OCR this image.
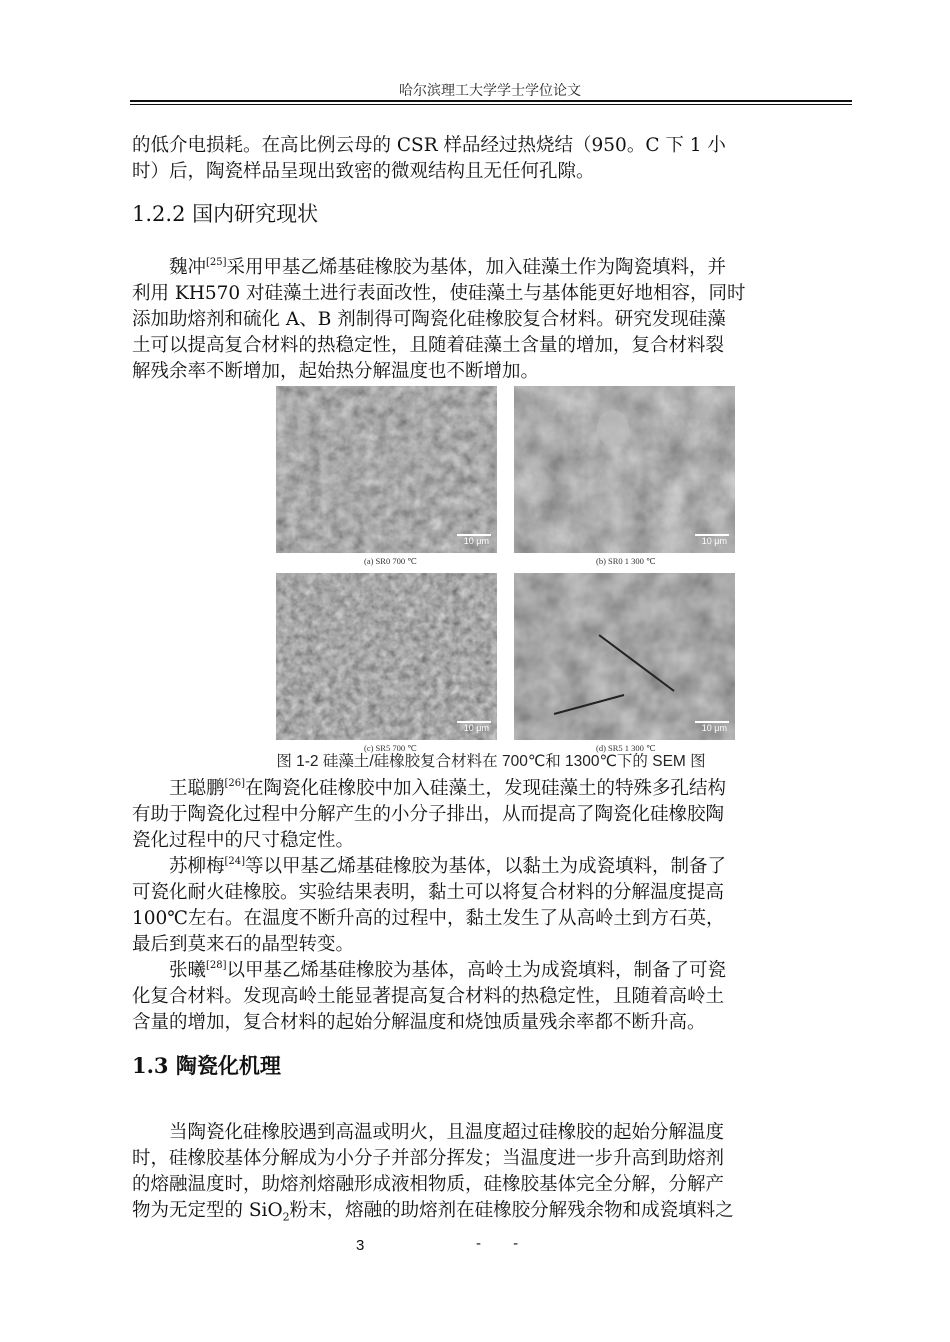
哈尔滨理工大学学士学位论文
的低介电损耗。在高比例云母的 CSR 样品经过热烧结（950。C 下 1 小
时）后，陶瓷样品呈现出致密的微观结构且无任何孔隙。
1.2.2 国内研究现状
魏冲[25]采用甲基乙烯基硅橡胶为基体，加入硅藻土作为陶瓷填料，并
利用 KH570 对硅藻土进行表面改性，使硅藻土与基体能更好地相容，同时
添加助熔剂和硫化 A、B 剂制得可陶瓷化硅橡胶复合材料。研究发现硅藻
土可以提高复合材料的热稳定性，且随着硅藻土含量的增加，复合材料裂
解残余率不断增加，起始热分解温度也不断增加。
10 μm
(a) SR0 700 ℃
10 μm
(b) SR0 1 300 ℃
10 μm
(c) SR5 700 ℃
10 μm
(d) SR5 1 300 ℃
图 1-2 硅藻土/硅橡胶复合材料在 700℃和 1300℃下的 SEM 图
王聪鹏[26]在陶瓷化硅橡胶中加入硅藻土，发现硅藻土的特殊多孔结构
有助于陶瓷化过程中分解产生的小分子排出，从而提高了陶瓷化硅橡胶陶
瓷化过程中的尺寸稳定性。
苏柳梅[24]等以甲基乙烯基硅橡胶为基体，以黏土为成瓷填料，制备了
可瓷化耐火硅橡胶。实验结果表明，黏土可以将复合材料的分解温度提高
100℃左右。在温度不断升高的过程中，黏土发生了从高岭土到方石英，
最后到莫来石的晶型转变。
张曦[28]以甲基乙烯基硅橡胶为基体，高岭土为成瓷填料，制备了可瓷
化复合材料。发现高岭土能显著提高复合材料的热稳定性，且随着高岭土
含量的增加，复合材料的起始分解温度和烧蚀质量残余率都不断升高。
1.3 陶瓷化机理
当陶瓷化硅橡胶遇到高温或明火，且温度超过硅橡胶的起始分解温度
时，硅橡胶基体分解成为小分子并部分挥发；当温度进一步升高到助熔剂
的熔融温度时，助熔剂熔融形成液相物质，硅橡胶基体完全分解，分解产
物为无定型的 SiO$_2$粉末，熔融的助熔剂在硅橡胶分解残余物和成瓷填料之
3	- -
